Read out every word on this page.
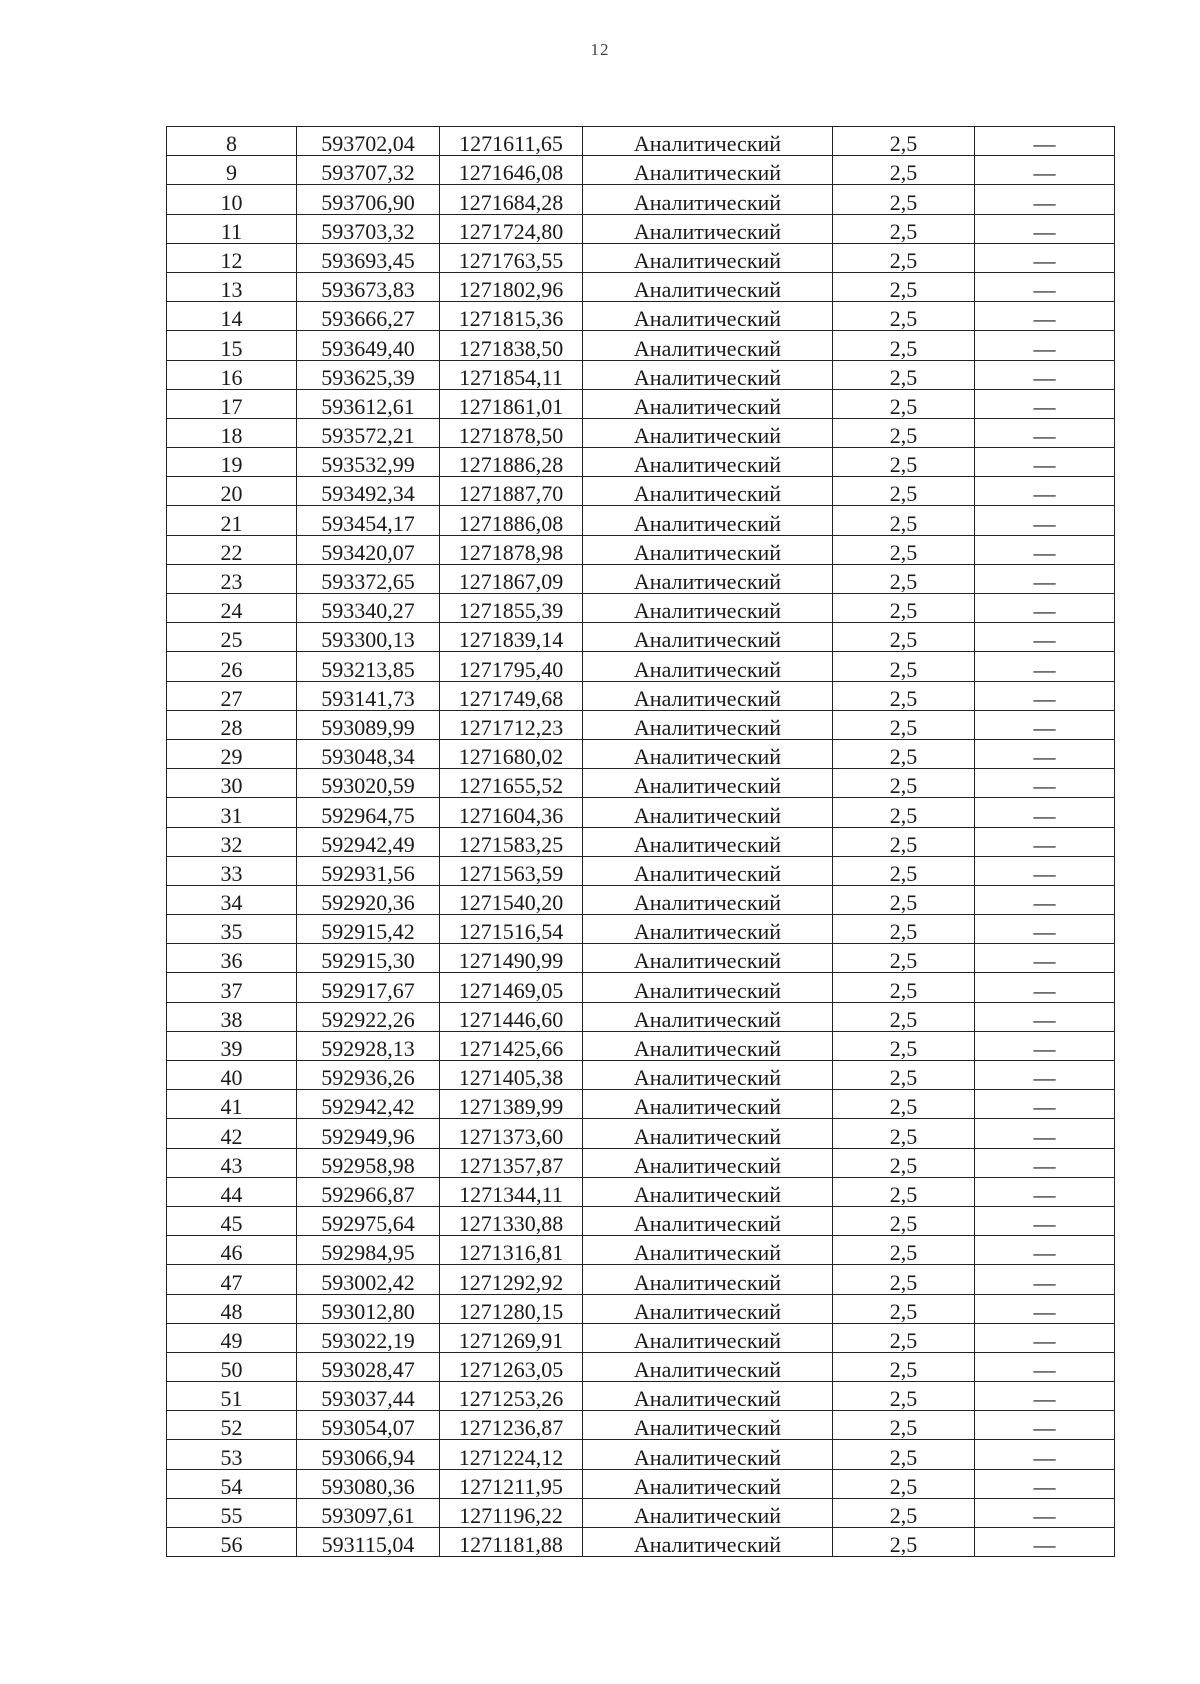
12
8	593702,04	1271611,65	Аналитический	2,5	—
9	593707,32	1271646,08	Аналитический	2,5	—
10	593706,90	1271684,28	Аналитический	2,5	—
11	593703,32	1271724,80	Аналитический	2,5	—
12	593693,45	1271763,55	Аналитический	2,5	—
13	593673,83	1271802,96	Аналитический	2,5	—
14	593666,27	1271815,36	Аналитический	2,5	—
15	593649,40	1271838,50	Аналитический	2,5	—
16	593625,39	1271854,11	Аналитический	2,5	—
17	593612,61	1271861,01	Аналитический	2,5	—
18	593572,21	1271878,50	Аналитический	2,5	—
19	593532,99	1271886,28	Аналитический	2,5	—
20	593492,34	1271887,70	Аналитический	2,5	—
21	593454,17	1271886,08	Аналитический	2,5	—
22	593420,07	1271878,98	Аналитический	2,5	—
23	593372,65	1271867,09	Аналитический	2,5	—
24	593340,27	1271855,39	Аналитический	2,5	—
25	593300,13	1271839,14	Аналитический	2,5	—
26	593213,85	1271795,40	Аналитический	2,5	—
27	593141,73	1271749,68	Аналитический	2,5	—
28	593089,99	1271712,23	Аналитический	2,5	—
29	593048,34	1271680,02	Аналитический	2,5	—
30	593020,59	1271655,52	Аналитический	2,5	—
31	592964,75	1271604,36	Аналитический	2,5	—
32	592942,49	1271583,25	Аналитический	2,5	—
33	592931,56	1271563,59	Аналитический	2,5	—
34	592920,36	1271540,20	Аналитический	2,5	—
35	592915,42	1271516,54	Аналитический	2,5	—
36	592915,30	1271490,99	Аналитический	2,5	—
37	592917,67	1271469,05	Аналитический	2,5	—
38	592922,26	1271446,60	Аналитический	2,5	—
39	592928,13	1271425,66	Аналитический	2,5	—
40	592936,26	1271405,38	Аналитический	2,5	—
41	592942,42	1271389,99	Аналитический	2,5	—
42	592949,96	1271373,60	Аналитический	2,5	—
43	592958,98	1271357,87	Аналитический	2,5	—
44	592966,87	1271344,11	Аналитический	2,5	—
45	592975,64	1271330,88	Аналитический	2,5	—
46	592984,95	1271316,81	Аналитический	2,5	—
47	593002,42	1271292,92	Аналитический	2,5	—
48	593012,80	1271280,15	Аналитический	2,5	—
49	593022,19	1271269,91	Аналитический	2,5	—
50	593028,47	1271263,05	Аналитический	2,5	—
51	593037,44	1271253,26	Аналитический	2,5	—
52	593054,07	1271236,87	Аналитический	2,5	—
53	593066,94	1271224,12	Аналитический	2,5	—
54	593080,36	1271211,95	Аналитический	2,5	—
55	593097,61	1271196,22	Аналитический	2,5	—
56	593115,04	1271181,88	Аналитический	2,5	—
